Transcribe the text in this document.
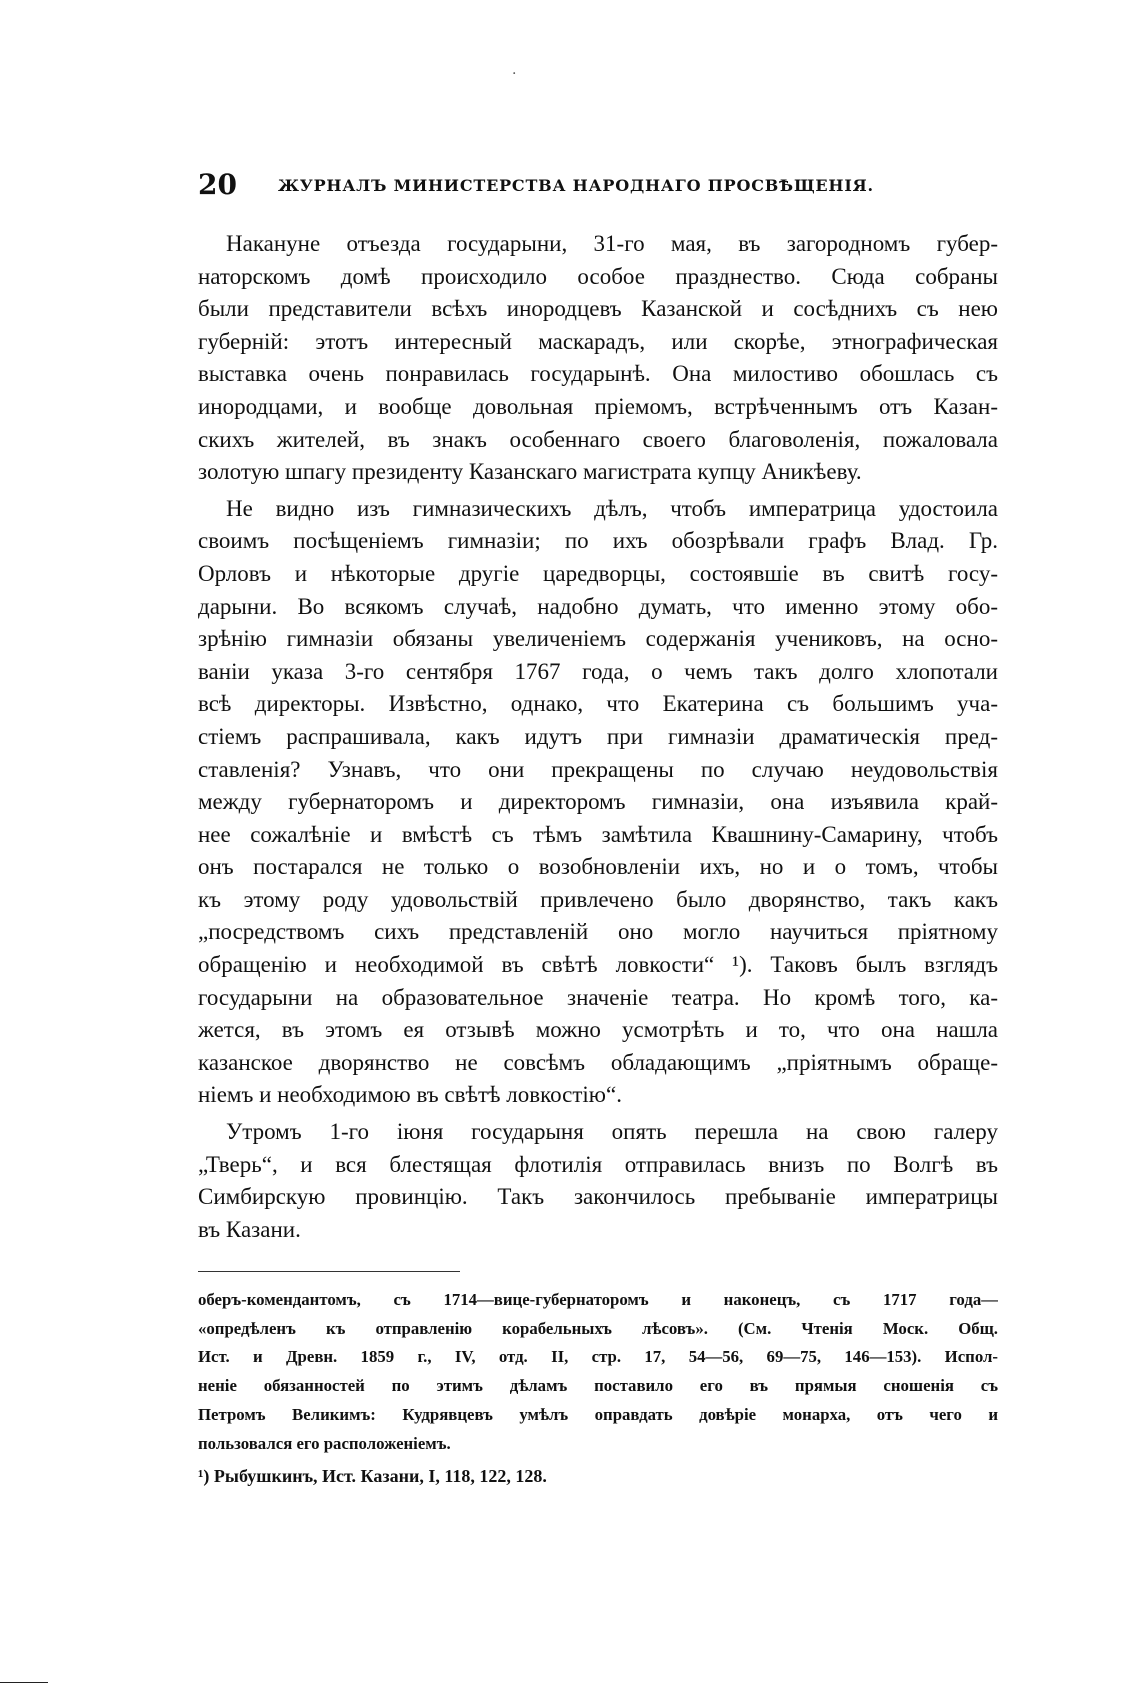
·
20	ЖУРНАЛЪ МИНИСТЕРСТВА НАРОДНАГО ПРОСВѢЩЕНІЯ.

Накануне отъезда государыни, 31-го мая, въ загородномъ губер-
наторскомъ домѣ происходило особое празднество. Сюда собраны
были представители всѣхъ инородцевъ Казанской и сосѣднихъ съ нею
губерній: этотъ интересный маскарадъ, или скорѣе, этнографическая
выставка очень понравилась государынѣ. Она милостиво обошлась съ
инородцами, и вообще довольная пріемомъ, встрѣченнымъ отъ Казан-
скихъ жителей, въ знакъ особеннаго своего благоволенія, пожаловала
золотую шпагу президенту Казанскаго магистрата купцу Аникѣеву.

Не видно изъ гимназическихъ дѣлъ, чтобъ императрица удостоила
своимъ посѣщеніемъ гимназіи; по ихъ обозрѣвали графъ Влад. Гр.
Орловъ и нѣкоторые другіе царедворцы, состоявшіе въ свитѣ госу-
дарыни. Во всякомъ случаѣ, надобно думать, что именно этому обо-
зрѣнію гимназіи обязаны увеличеніемъ содержанія учениковъ, на осно-
ваніи указа 3-го сентября 1767 года, о чемъ такъ долго хлопотали
всѣ директоры. Извѣстно, однако, что Екатерина съ большимъ уча-
стіемъ распрашивала, какъ идутъ при гимназіи драматическія пред-
ставленія? Узнавъ, что они прекращены по случаю неудовольствія
между губернаторомъ и директоромъ гимназіи, она изъявила край-
нее сожалѣніе и вмѣстѣ съ тѣмъ замѣтила Квашнину-Самарину, чтобъ
онъ постарался не только о возобновленіи ихъ, но и о томъ, чтобы
къ этому роду удовольствій привлечено было дворянство, такъ какъ
„посредствомъ сихъ представленій оно могло научиться пріятному
обращенію и необходимой въ свѣтѣ ловкости“ ¹). Таковъ былъ взглядъ
государыни на образовательное значеніе театра. Но кромѣ того, ка-
жется, въ этомъ ея отзывѣ можно усмотрѣть и то, что она нашла
казанское дворянство не совсѣмъ обладающимъ „пріятнымъ обраще-
ніемъ и необходимою въ свѣтѣ ловкостію“.

Утромъ 1-го іюня государыня опять перешла на свою галеру
„Тверь“, и вся блестящая флотилія отправилась внизъ по Волгѣ въ
Симбирскую провинцію. Такъ закончилось пребываніе императрицы
въ Казани.

оберъ-комендантомъ, съ 1714—вице-губернаторомъ и наконецъ, съ 1717 года—
«опредѣленъ къ отправленію корабельныхъ лѣсовъ». (См. Чтенія Моск. Общ.
Ист. и Древн. 1859 г., IV, отд. II, стр. 17, 54—56, 69—75, 146—153). Испол-
неніе обязанностей по этимъ дѣламъ поставило его въ прямыя сношенія съ
Петромъ Великимъ: Кудрявцевъ умѣлъ оправдать довѣріе монарха, отъ чего и
пользовался его расположеніемъ.
¹) Рыбушкинъ, Ист. Казани, I, 118, 122, 128.
